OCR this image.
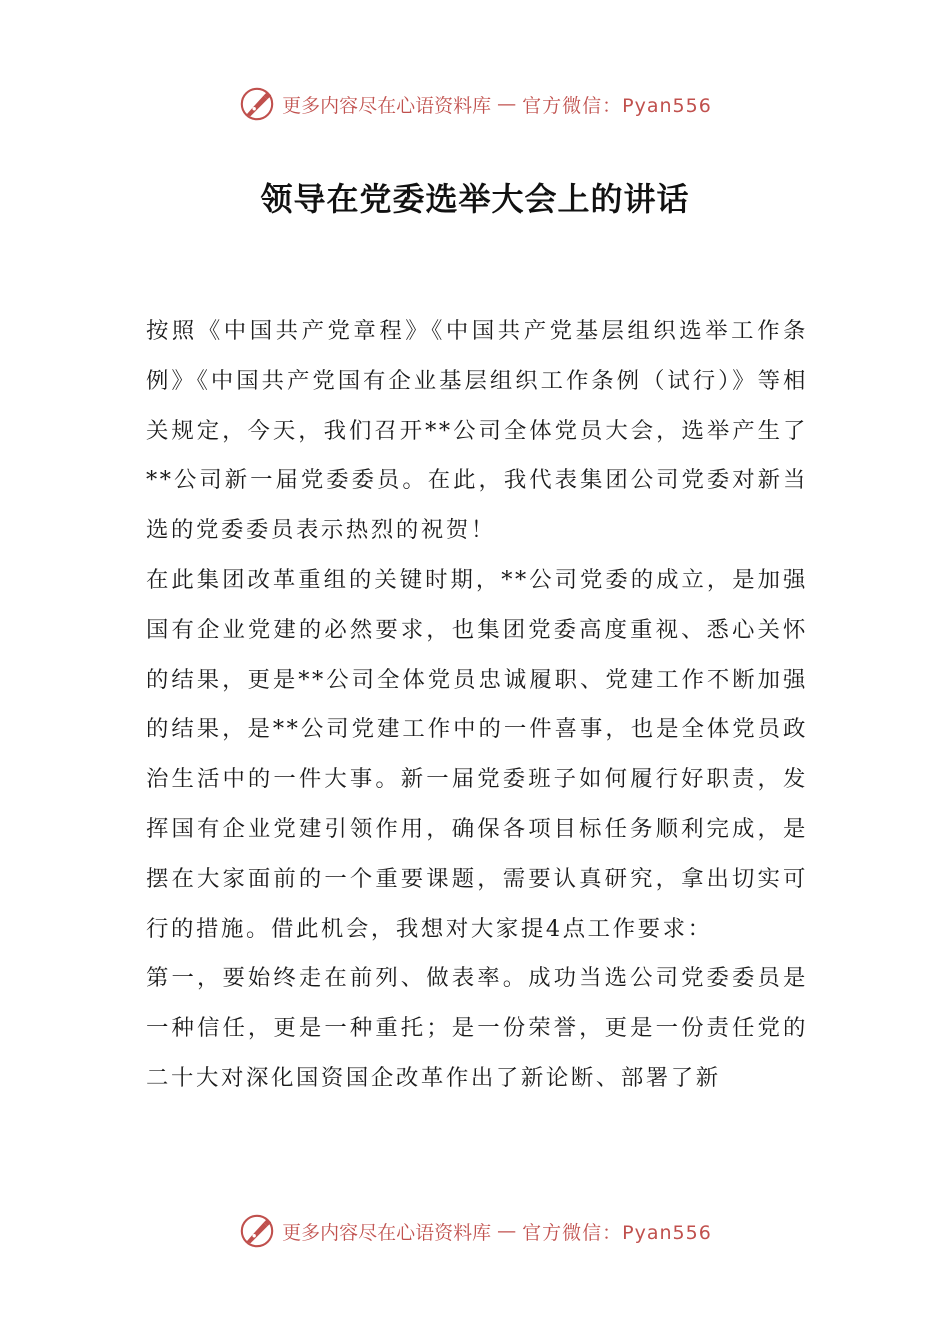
更多内容尽在心语资料库 — 官方微信：Pyan556
领导在党委选举大会上的讲话

按照《中国共产党章程》《中国共产党基层组织选举工作条例》《中国共产党国有企业基层组织工作条例（试行）》等相关规定，今天，我们召开**公司全体党员大会，选举产生了**公司新一届党委委员。在此，我代表集团公司党委对新当选的党委委员表示热烈的祝贺！

在此集团改革重组的关键时期，**公司党委的成立，是加强国有企业党建的必然要求，也集团党委高度重视、悉心关怀的结果，更是**公司全体党员忠诚履职、党建工作不断加强的结果，是**公司党建工作中的一件喜事，也是全体党员政治生活中的一件大事。新一届党委班子如何履行好职责，发挥国有企业党建引领作用，确保各项目标任务顺利完成，是摆在大家面前的一个重要课题，需要认真研究，拿出切实可行的措施。借此机会，我想对大家提4点工作要求：

第一，要始终走在前列、做表率。成功当选公司党委委员是一种信任，更是一种重托；是一份荣誉，更是一份责任党的二十大对深化国资国企改革作出了新论断、部署了新

更多内容尽在心语资料库 — 官方微信：Pyan556
